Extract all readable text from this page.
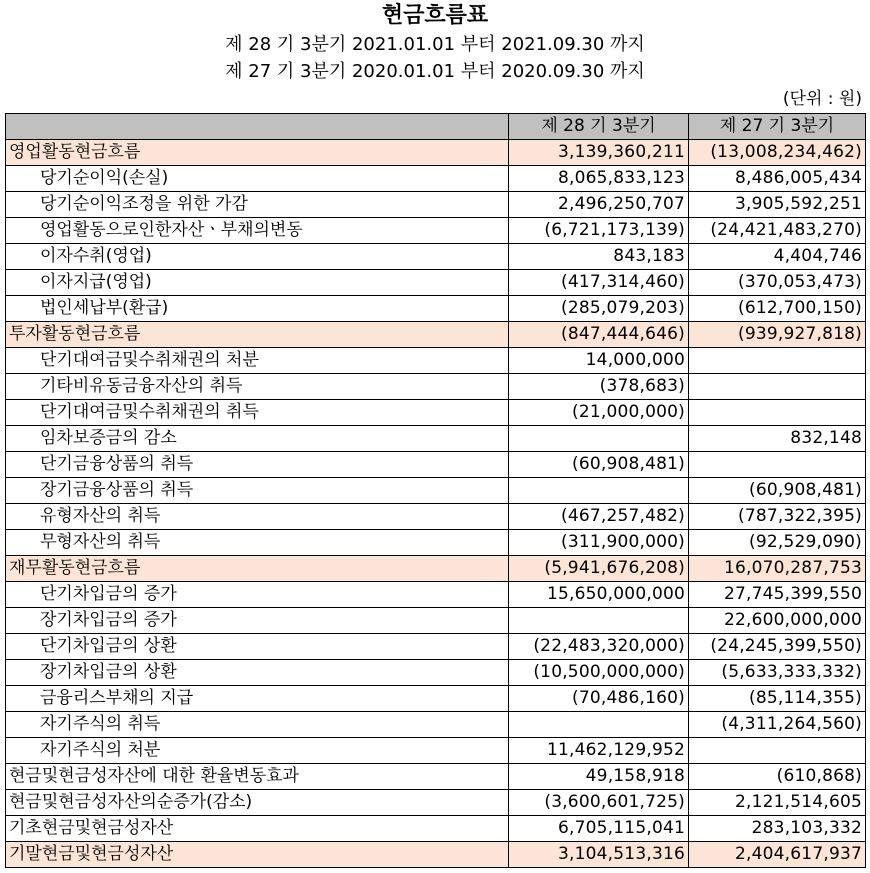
현금흐름표
제 28 기 3분기 2021.01.01 부터 2021.09.30 까지
제 27 기 3분기 2020.01.01 부터 2020.09.30 까지
(단위 : 원)
	제 28 기 3분기	제 27 기 3분기
영업활동현금흐름	3,139,360,211	(13,008,234,462)
당기순이익(손실)	8,065,833,123	8,486,005,434
당기순이익조정을 위한 가감	2,496,250,707	3,905,592,251
영업활동으로인한자산ㆍ부채의변동	(6,721,173,139)	(24,421,483,270)
이자수취(영업)	843,183	4,404,746
이자지급(영업)	(417,314,460)	(370,053,473)
법인세납부(환급)	(285,079,203)	(612,700,150)
투자활동현금흐름	(847,444,646)	(939,927,818)
단기대여금및수취채권의 처분	14,000,000	
기타비유동금융자산의 취득	(378,683)	
단기대여금및수취채권의 취득	(21,000,000)	
임차보증금의 감소		832,148
단기금융상품의 취득	(60,908,481)	
장기금융상품의 취득		(60,908,481)
유형자산의 취득	(467,257,482)	(787,322,395)
무형자산의 취득	(311,900,000)	(92,529,090)
재무활동현금흐름	(5,941,676,208)	16,070,287,753
단기차입금의 증가	15,650,000,000	27,745,399,550
장기차입금의 증가		22,600,000,000
단기차입금의 상환	(22,483,320,000)	(24,245,399,550)
장기차입금의 상환	(10,500,000,000)	(5,633,333,332)
금융리스부채의 지급	(70,486,160)	(85,114,355)
자기주식의 취득		(4,311,264,560)
자기주식의 처분	11,462,129,952	
현금및현금성자산에 대한 환율변동효과	49,158,918	(610,868)
현금및현금성자산의순증가(감소)	(3,600,601,725)	2,121,514,605
기초현금및현금성자산	6,705,115,041	283,103,332
기말현금및현금성자산	3,104,513,316	2,404,617,937
